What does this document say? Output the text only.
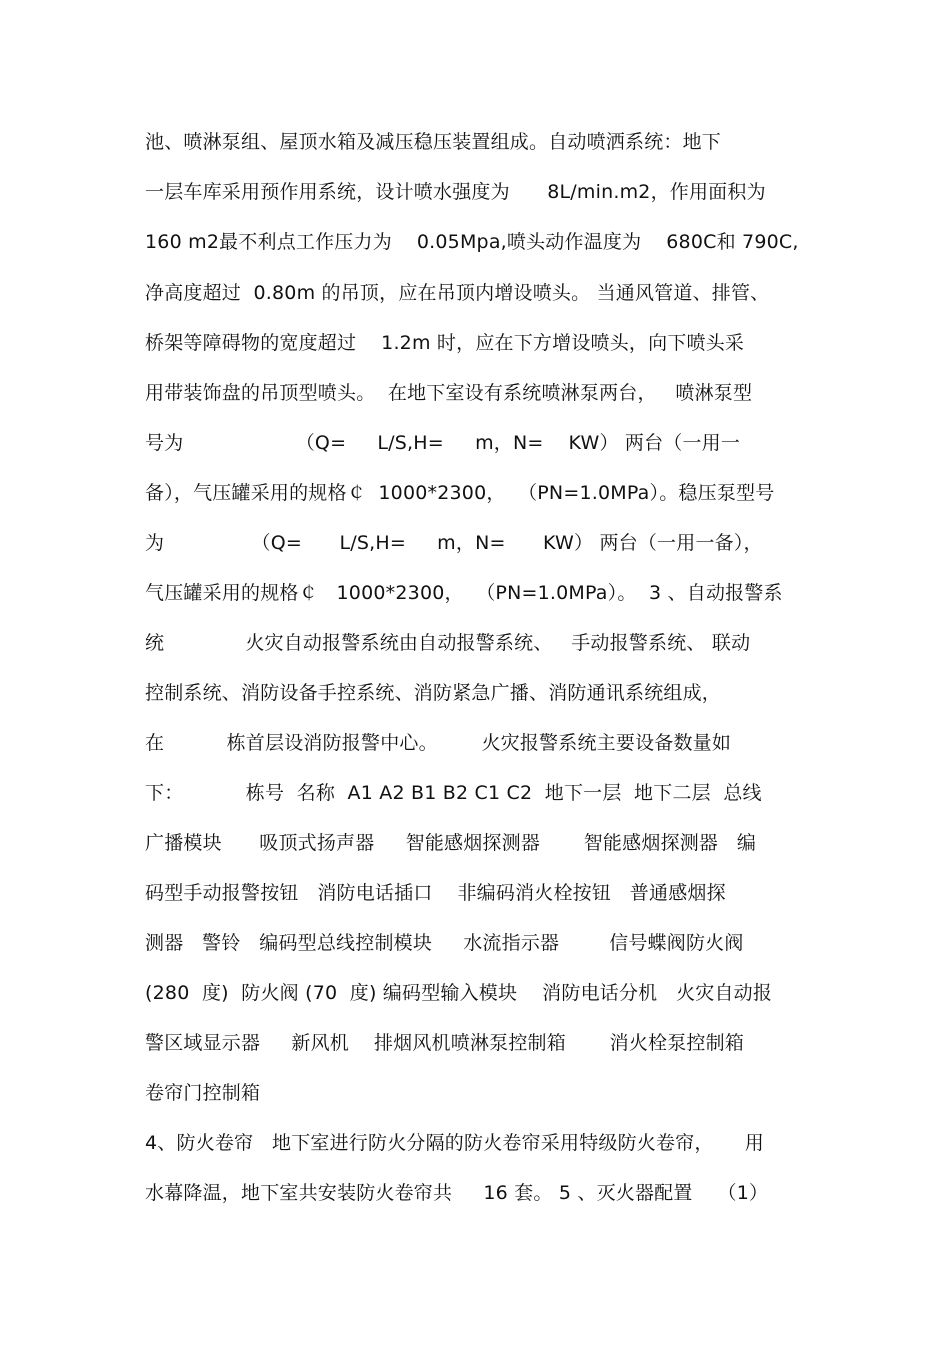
池、喷淋泵组、屋顶水箱及减压稳压装置组成。自动喷洒系统：地下
一层车库采用预作用系统，设计喷水强度为      8L/min.m2，作用面积为
160 m2最不利点工作压力为    0.05Mpa,喷头动作温度为    680C和 790C,
净高度超过  0.80m 的吊顶，应在吊顶内增设喷头。 当通风管道、排管、
桥架等障碍物的宽度超过    1.2m 时，应在下方增设喷头，向下喷头采
用带装饰盘的吊顶型喷头。  在地下室设有系统喷淋泵两台，   喷淋泵型
号为                  （Q=     L/S,H=     m，N=    KW） 两台（一用一
备），气压罐采用的规格￠  1000*2300，  （PN=1.0MPa）。稳压泵型号
为              （Q=      L/S,H=     m，N=      KW） 两台（一用一备），
气压罐采用的规格￠   1000*2300，  （PN=1.0MPa）。  3 、自动报警系
统             火灾自动报警系统由自动报警系统、   手动报警系统、 联动
控制系统、消防设备手控系统、消防紧急广播、消防通讯系统组成，
在          栋首层设消防报警中心。       火灾报警系统主要设备数量如
下：          栋号  名称  A1 A2 B1 B2 C1 C2  地下一层  地下二层  总线
广播模块      吸顶式扬声器     智能感烟探测器       智能感烟探测器   编
码型手动报警按钮   消防电话插口    非编码消火栓按钮   普通感烟探
测器   警铃   编码型总线控制模块     水流指示器        信号蝶阀防火阀
(280  度)  防火阀 (70  度) 编码型输入模块    消防电话分机   火灾自动报
警区域显示器     新风机    排烟风机喷淋泵控制箱       消火栓泵控制箱
卷帘门控制箱
4、防火卷帘   地下室进行防火分隔的防火卷帘采用特级防火卷帘，     用
水幕降温，地下室共安装防火卷帘共     16 套。 5 、灭火器配置    （1）
